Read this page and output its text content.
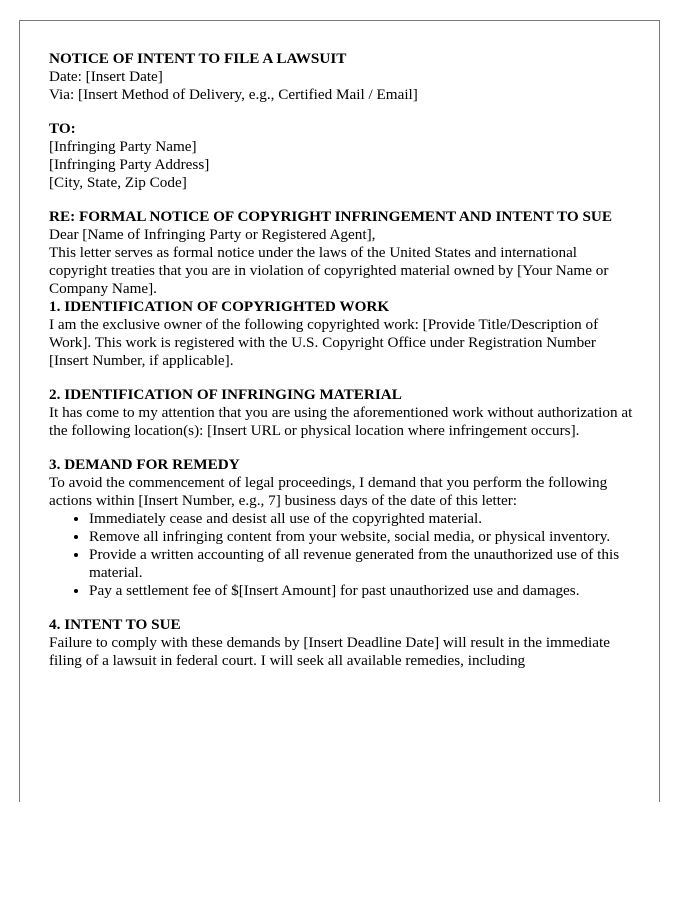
NOTICE OF INTENT TO FILE A LAWSUIT

Date: [Insert Date]

Via: [Insert Method of Delivery, e.g., Certified Mail / Email]

TO:

[Infringing Party Name]

[Infringing Party Address]

[City, State, Zip Code]

RE: FORMAL NOTICE OF COPYRIGHT INFRINGEMENT AND INTENT TO SUE

Dear [Name of Infringing Party or Registered Agent],

This letter serves as formal notice under the laws of the United States and international copyright treaties that you are in violation of copyrighted material owned by [Your Name or Company Name].

1. IDENTIFICATION OF COPYRIGHTED WORK

I am the exclusive owner of the following copyrighted work: [Provide Title/Description of Work]. This work is registered with the U.S. Copyright Office under Registration Number [Insert Number, if applicable].

2. IDENTIFICATION OF INFRINGING MATERIAL

It has come to my attention that you are using the aforementioned work without authorization at the following location(s): [Insert URL or physical location where infringement occurs].

3. DEMAND FOR REMEDY

To avoid the commencement of legal proceedings, I demand that you perform the following actions within [Insert Number, e.g., 7] business days of the date of this letter:

• Immediately cease and desist all use of the copyrighted material.
• Remove all infringing content from your website, social media, or physical inventory.
• Provide a written accounting of all revenue generated from the unauthorized use of this material.
• Pay a settlement fee of $[Insert Amount] for past unauthorized use and damages.

4. INTENT TO SUE

Failure to comply with these demands by [Insert Deadline Date] will result in the immediate filing of a lawsuit in federal court. I will seek all available remedies, including
